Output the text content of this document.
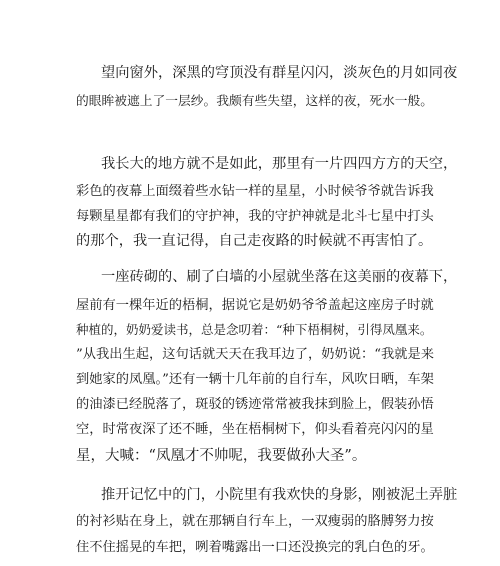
望向窗外，深黑的穹顶没有群星闪闪，淡灰色的月如同夜
的眼眸被遮上了一层纱。我颇有些失望，这样的夜，死水一般。
我长大的地方就不是如此，那里有一片四四方方的天空，
彩色的夜幕上面缀着些水钻一样的星星，小时候爷爷就告诉我
每颗星星都有我们的守护神，我的守护神就是北斗七星中打头
的那个，我一直记得，自己走夜路的时候就不再害怕了。
一座砖砌的、刷了白墙的小屋就坐落在这美丽的夜幕下，
屋前有一棵年近的梧桐，据说它是奶奶爷爷盖起这座房子时就
种植的，奶奶爱读书，总是念叨着：“种下梧桐树，引得凤凰来。
”从我出生起，这句话就天天在我耳边了，奶奶说：“我就是来
到她家的凤凰。”还有一辆十几年前的自行车，风吹日晒，车架
的油漆已经脱落了，斑驳的锈迹常常被我抹到脸上，假装孙悟
空，时常夜深了还不睡，坐在梧桐树下，仰头看着亮闪闪的星
星，大喊：“凤凰才不帅呢，我要做孙大圣”。
推开记忆中的门，小院里有我欢快的身影，刚被泥土弄脏
的衬衫贴在身上，就在那辆自行车上，一双瘦弱的胳膊努力按
住不住摇晃的车把，咧着嘴露出一口还没换完的乳白色的牙。
